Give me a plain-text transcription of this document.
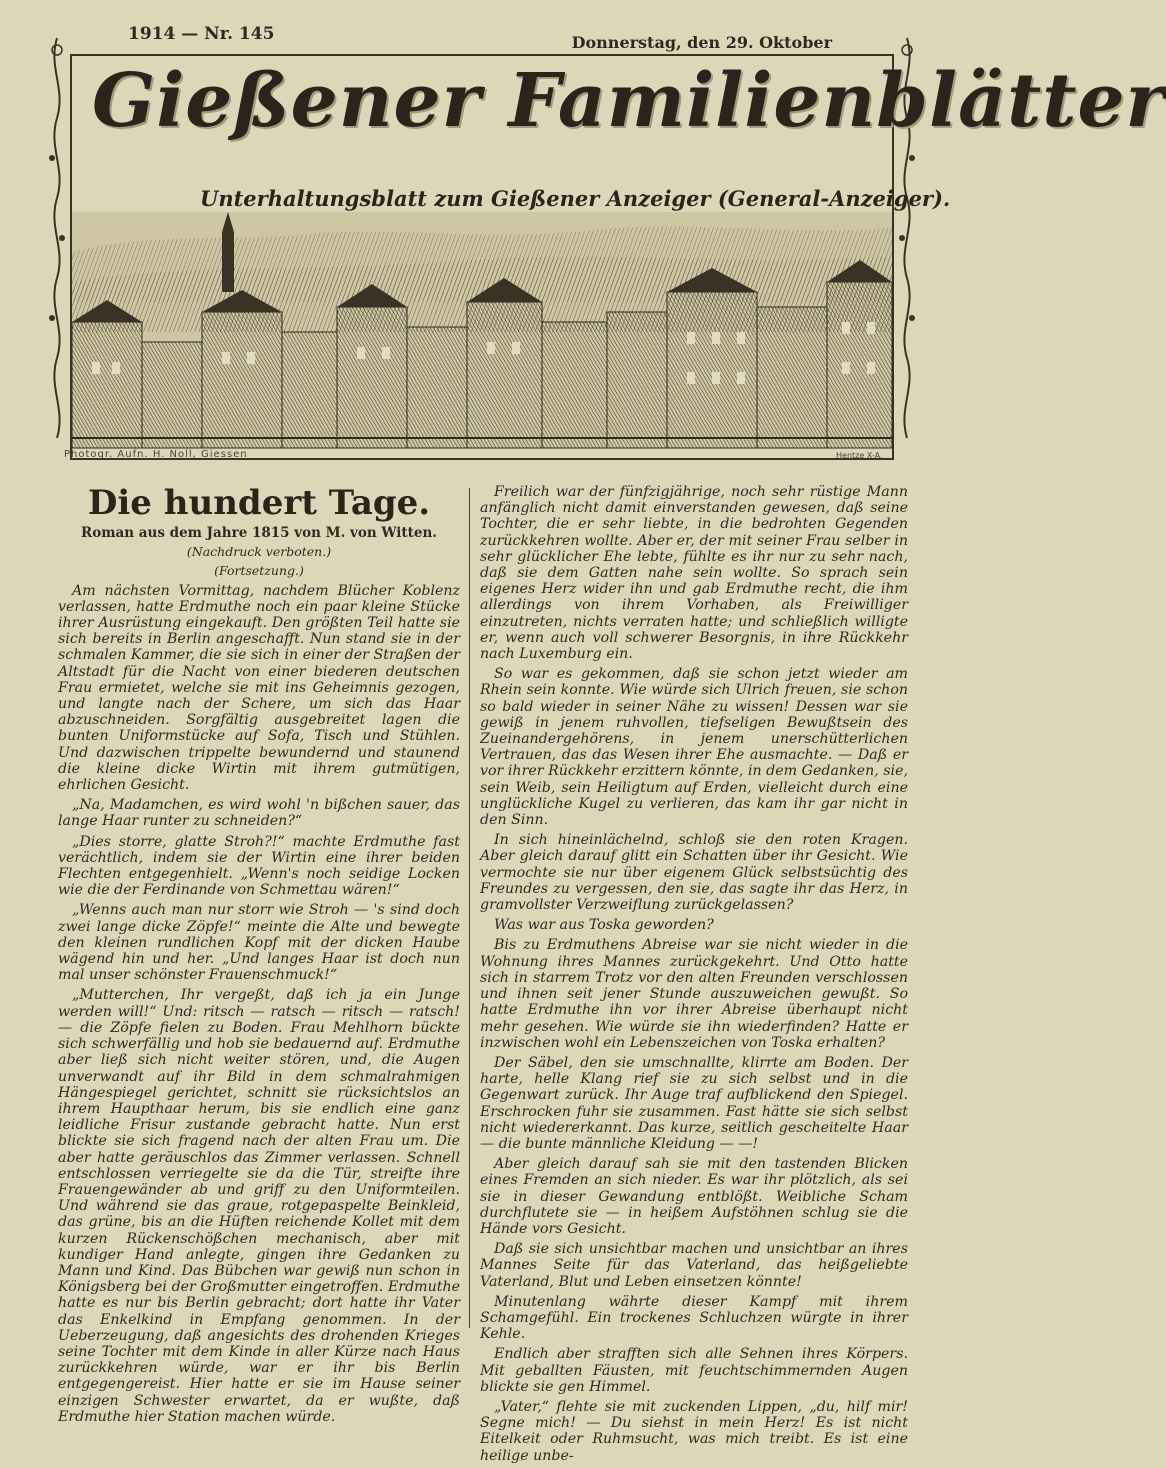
1914 — Nr. 145	Donnerstag, den 29. Oktober
Gießener Familienblätter
Unterhaltungsblatt zum Gießener Anzeiger (General-Anzeiger).
Photogr. Aufn. H. Noll, Giessen	Hentze X-A.
Die hundert Tage.
Roman aus dem Jahre 1815 von M. von Witten.
(Nachdruck verboten.)
(Fortsetzung.)

Am nächsten Vormittag, nachdem Blücher Koblenz verlassen, hatte Erdmuthe noch ein paar kleine Stücke ihrer Ausrüstung eingekauft. Den größten Teil hatte sie sich bereits in Berlin angeschafft. Nun stand sie in der schmalen Kammer, die sie sich in einer der Straßen der Altstadt für die Nacht von einer biederen deutschen Frau ermietet, welche sie mit ins Geheimnis gezogen, und langte nach der Schere, um sich das Haar abzuschneiden. Sorgfältig ausgebreitet lagen die bunten Uniformstücke auf Sofa, Tisch und Stühlen. Und dazwischen trippelte bewundernd und staunend die kleine dicke Wirtin mit ihrem gutmütigen, ehrlichen Gesicht.

„Na, Madamchen, es wird wohl 'n bißchen sauer, das lange Haar runter zu schneiden?“

„Dies storre, glatte Stroh?!“ machte Erdmuthe fast verächtlich, indem sie der Wirtin eine ihrer beiden Flechten entgegenhielt. „Wenn's noch seidige Locken wie die der Ferdinande von Schmettau wären!“

„Wenns auch man nur storr wie Stroh — 's sind doch zwei lange dicke Zöpfe!“ meinte die Alte und bewegte den kleinen rundlichen Kopf mit der dicken Haube wägend hin und her. „Und langes Haar ist doch nun mal unser schönster Frauenschmuck!“

„Mutterchen, Ihr vergeßt, daß ich ja ein Junge werden will!“ Und: ritsch — ratsch — ritsch — ratsch! — die Zöpfe fielen zu Boden. Frau Mehlhorn bückte sich schwerfällig und hob sie bedauernd auf. Erdmuthe aber ließ sich nicht weiter stören, und, die Augen unverwandt auf ihr Bild in dem schmalrahmigen Hängespiegel gerichtet, schnitt sie rücksichtslos an ihrem Haupthaar herum, bis sie endlich eine ganz leidliche Frisur zustande gebracht hatte. Nun erst blickte sie sich fragend nach der alten Frau um. Die aber hatte geräuschlos das Zimmer verlassen. Schnell entschlossen verriegelte sie da die Tür, streifte ihre Frauengewänder ab und griff zu den Uniformteilen. Und während sie das graue, rotgepaspelte Beinkleid, das grüne, bis an die Hüften reichende Kollet mit dem kurzen Rückenschößchen mechanisch, aber mit kundiger Hand anlegte, gingen ihre Gedanken zu Mann und Kind. Das Bübchen war gewiß nun schon in Königsberg bei der Großmutter eingetroffen. Erdmuthe hatte es nur bis Berlin gebracht; dort hatte ihr Vater das Enkelkind in Empfang genommen. In der Ueberzeugung, daß angesichts des drohenden Krieges seine Tochter mit dem Kinde in aller Kürze nach Haus zurückkehren würde, war er ihr bis Berlin entgegengereist. Hier hatte er sie im Hause seiner einzigen Schwester erwartet, da er wußte, daß Erdmuthe hier Station machen würde.

Freilich war der fünfzigjährige, noch sehr rüstige Mann anfänglich nicht damit einverstanden gewesen, daß seine Tochter, die er sehr liebte, in die bedrohten Gegenden zurückkehren wollte. Aber er, der mit seiner Frau selber in sehr glücklicher Ehe lebte, fühlte es ihr nur zu sehr nach, daß sie dem Gatten nahe sein wollte. So sprach sein eigenes Herz wider ihn und gab Erdmuthe recht, die ihm allerdings von ihrem Vorhaben, als Freiwilliger einzutreten, nichts verraten hatte; und schließlich willigte er, wenn auch voll schwerer Besorgnis, in ihre Rückkehr nach Luxemburg ein.

So war es gekommen, daß sie schon jetzt wieder am Rhein sein konnte. Wie würde sich Ulrich freuen, sie schon so bald wieder in seiner Nähe zu wissen! Dessen war sie gewiß in jenem ruhvollen, tiefseligen Bewußtsein des Zueinandergehörens, in jenem unerschütterlichen Vertrauen, das das Wesen ihrer Ehe ausmachte. — Daß er vor ihrer Rückkehr erzittern könnte, in dem Gedanken, sie, sein Weib, sein Heiligtum auf Erden, vielleicht durch eine unglückliche Kugel zu verlieren, das kam ihr gar nicht in den Sinn.

In sich hineinlächelnd, schloß sie den roten Kragen. Aber gleich darauf glitt ein Schatten über ihr Gesicht. Wie vermochte sie nur über eigenem Glück selbstsüchtig des Freundes zu vergessen, den sie, das sagte ihr das Herz, in gramvollster Verzweiflung zurückgelassen?

Was war aus Toska geworden?

Bis zu Erdmuthens Abreise war sie nicht wieder in die Wohnung ihres Mannes zurückgekehrt. Und Otto hatte sich in starrem Trotz vor den alten Freunden verschlossen und ihnen seit jener Stunde auszuweichen gewußt. So hatte Erdmuthe ihn vor ihrer Abreise überhaupt nicht mehr gesehen. Wie würde sie ihn wiederfinden? Hatte er inzwischen wohl ein Lebenszeichen von Toska erhalten?

Der Säbel, den sie umschnallte, klirrte am Boden. Der harte, helle Klang rief sie zu sich selbst und in die Gegenwart zurück. Ihr Auge traf aufblickend den Spiegel. Erschrocken fuhr sie zusammen. Fast hätte sie sich selbst nicht wiedererkannt. Das kurze, seitlich gescheitelte Haar — die bunte männliche Kleidung — —!

Aber gleich darauf sah sie mit den tastenden Blicken eines Fremden an sich nieder. Es war ihr plötzlich, als sei sie in dieser Gewandung entblößt. Weibliche Scham durchflutete sie — in heißem Aufstöhnen schlug sie die Hände vors Gesicht.

Daß sie sich unsichtbar machen und unsichtbar an ihres Mannes Seite für das Vaterland, das heißgeliebte Vaterland, Blut und Leben einsetzen könnte!

Minutenlang währte dieser Kampf mit ihrem Schamgefühl. Ein trockenes Schluchzen würgte in ihrer Kehle.

Endlich aber strafften sich alle Sehnen ihres Körpers. Mit geballten Fäusten, mit feuchtschimmernden Augen blickte sie gen Himmel.

„Vater,“ flehte sie mit zuckenden Lippen, „du, hilf mir! Segne mich! — Du siehst in mein Herz! Es ist nicht Eitelkeit oder Ruhmsucht, was mich treibt. Es ist eine heilige unbe-
